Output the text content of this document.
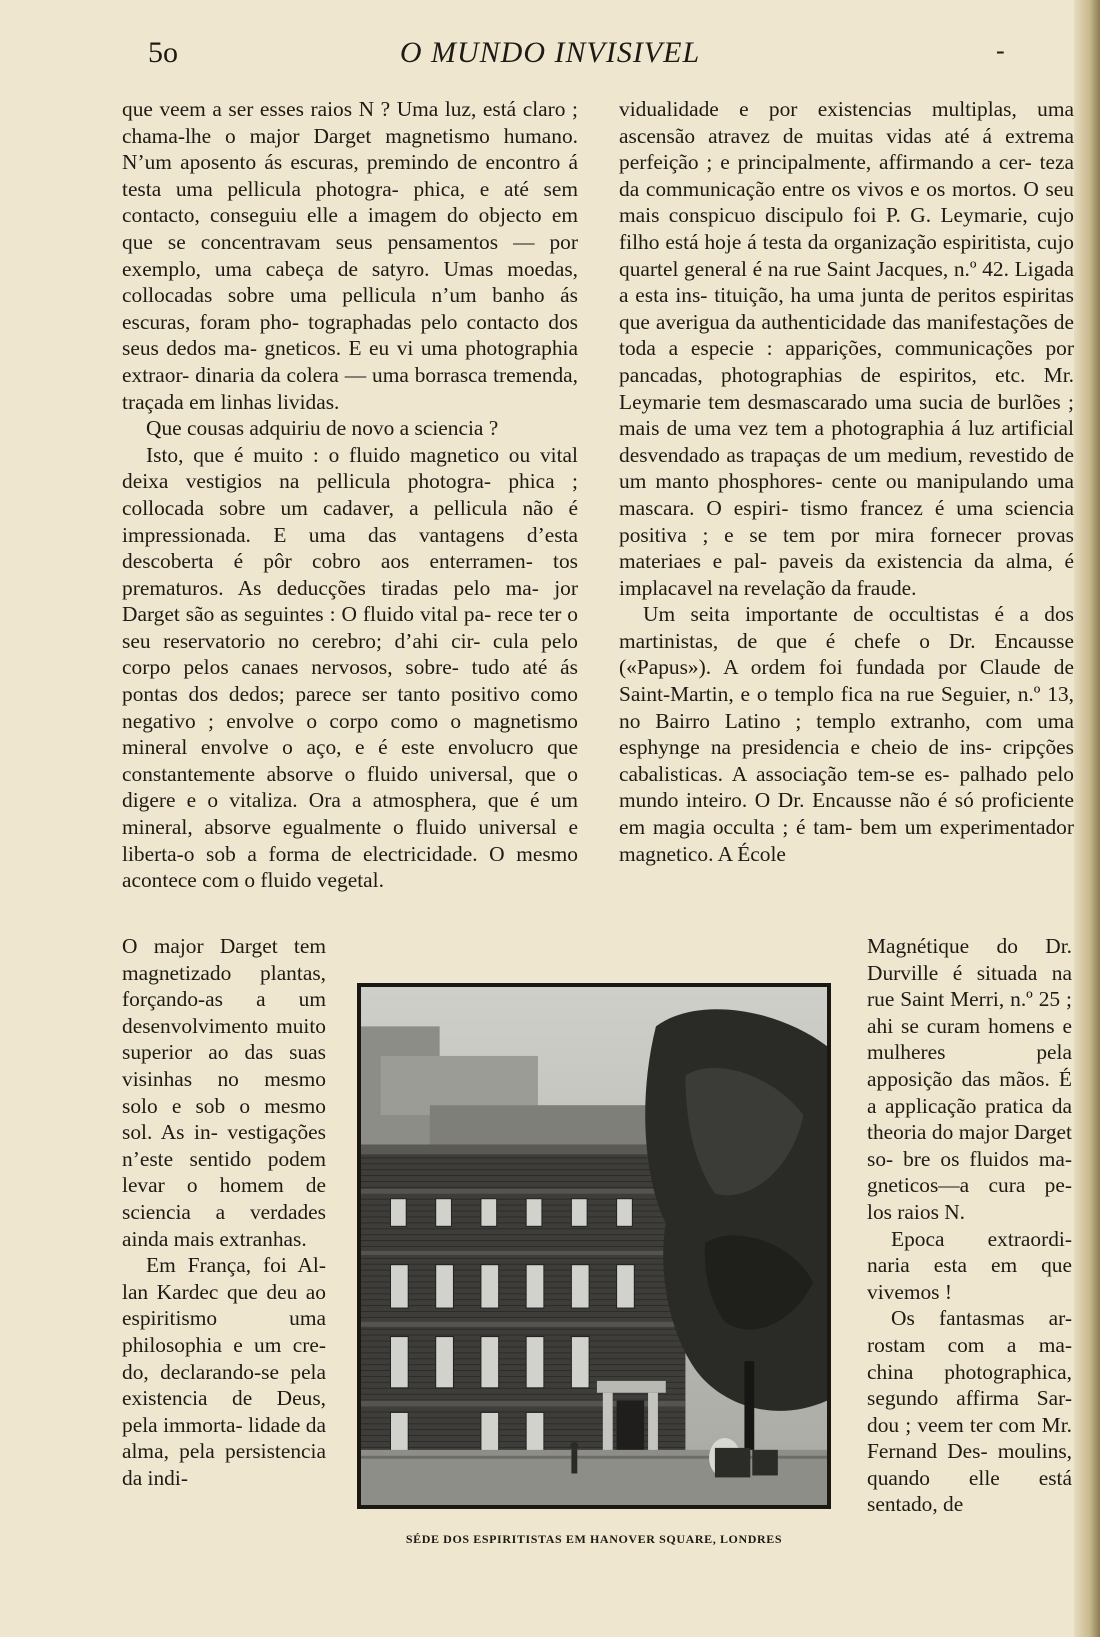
5o	O MUNDO INVISIVEL	-

que veem a ser esses raios N ? Uma luz, está claro ; chama-lhe o major Darget magnetismo humano. N’um aposento ás escuras, premindo de encontro á testa uma pellicula photogra- phica, e até sem contacto, conseguiu elle a imagem do objecto em que se concentravam seus pensamentos — por exemplo, uma cabeça de satyro. Umas moedas, collocadas sobre uma pellicula n’um banho ás escuras, foram pho- tographadas pelo contacto dos seus dedos ma- gneticos. E eu vi uma photographia extraor- dinaria da colera — uma borrasca tremenda, traçada em linhas lividas.

Que cousas adquiriu de novo a sciencia ?

Isto, que é muito : o fluido magnetico ou vital deixa vestigios na pellicula photogra- phica ; collocada sobre um cadaver, a pellicula não é impressionada. E uma das vantagens d’esta descoberta é pôr cobro aos enterramen- tos prematuros. As deducções tiradas pelo ma- jor Darget são as seguintes : O fluido vital pa- rece ter o seu reservatorio no cerebro; d’ahi cir- cula pelo corpo pelos canaes nervosos, sobre- tudo até ás pontas dos dedos; parece ser tanto positivo como negativo ; envolve o corpo como o magnetismo mineral envolve o aço, e é este envolucro que constantemente absorve o fluido universal, que o digere e o vitaliza. Ora a atmosphera, que é um mineral, absorve egualmente o fluido universal e liberta-o sob a forma de electricidade. O mesmo acontece com o fluido vegetal.

vidualidade e por existencias multiplas, uma ascensão atravez de muitas vidas até á extrema perfeição ; e principalmente, affirmando a cer- teza da communicação entre os vivos e os mortos. O seu mais conspicuo discipulo foi P. G. Leymarie, cujo filho está hoje á testa da organização espiritista, cujo quartel general é na rue Saint Jacques, n.º 42. Ligada a esta ins- tituição, ha uma junta de peritos espiritas que averigua da authenticidade das manifestações de toda a especie : apparições, communicações por pancadas, photographias de espiritos, etc. Mr. Leymarie tem desmascarado uma sucia de burlões ; mais de uma vez tem a photographia á luz artificial desvendado as trapaças de um medium, revestido de um manto phosphores- cente ou manipulando uma mascara. O espiri- tismo francez é uma sciencia positiva ; e se tem por mira fornecer provas materiaes e pal- paveis da existencia da alma, é implacavel na revelação da fraude.

Um seita importante de occultistas é a dos martinistas, de que é chefe o Dr. Encausse («Papus»). A ordem foi fundada por Claude de Saint-Martin, e o templo fica na rue Seguier, n.º 13, no Bairro Latino ; templo extranho, com uma esphynge na presidencia e cheio de ins- cripções cabalisticas. A associação tem-se es- palhado pelo mundo inteiro. O Dr. Encausse não é só proficiente em magia occulta ; é tam- bem um experimentador magnetico. A École

O major Darget tem magnetizado plantas, forçando-as a um desenvolvimento muito superior ao das suas visinhas no mesmo solo e sob o mesmo sol. As in- vestigações n’este sentido podem levar o homem de sciencia a verdades ainda mais extranhas.

Em França, foi Al- lan Kardec que deu ao espiritismo uma philosophia e um cre- do, declarando-se pela existencia de Deus, pela immorta- lidade da alma, pela persistencia da indi-

Magnétique do Dr. Durville é situada na rue Saint Merri, n.º 25 ; ahi se curam homens e mulheres pela apposição das mãos. É a applicação pratica da theoria do major Darget so- bre os fluidos ma- gneticos—a cura pe- los raios N.

Epoca extraordi- naria esta em que vivemos !

Os fantasmas ar- rostam com a ma- china photographica, segundo affirma Sar- dou ; veem ter com Mr. Fernand Des- moulins, quando elle está sentado, de

SÉDE DOS ESPIRITISTAS EM HANOVER SQUARE, LONDRES
